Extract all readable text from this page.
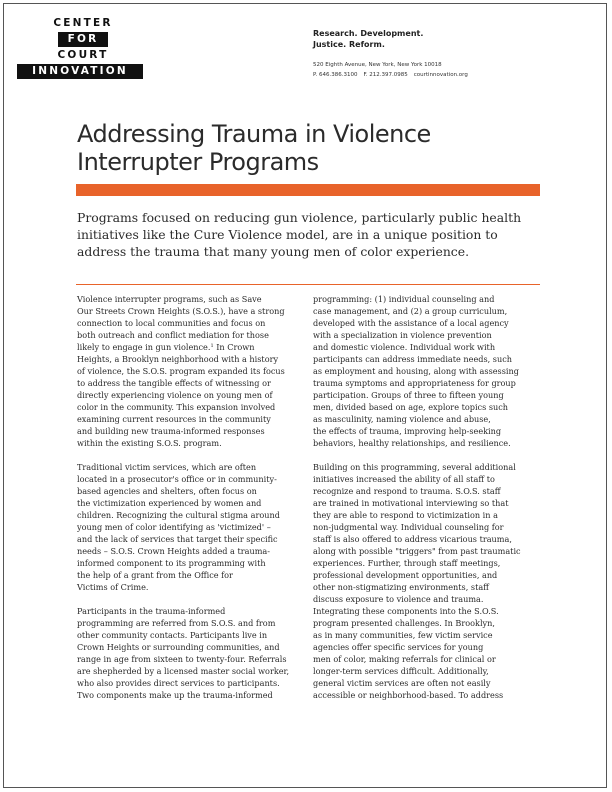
CENTER
FOR
COURT
INNOVATION
Research. Development.
Justice. Reform.
520 Eighth Avenue, New York, New York 10018
P. 646.386.3100 F. 212.397.0985 courtinnovation.org
Addressing Trauma in Violence
Interrupter Programs

Programs focused on reducing gun violence, particularly public health
initiatives like the Cure Violence model, are in a unique position to
address the trauma that many young men of color experience.

Violence interrupter programs, such as Save
Our Streets Crown Heights (S.O.S.), have a strong
connection to local communities and focus on
both outreach and conflict mediation for those
likely to engage in gun violence.$^1$ In Crown
Heights, a Brooklyn neighborhood with a history
of violence, the S.O.S. program expanded its focus
to address the tangible effects of witnessing or
directly experiencing violence on young men of
color in the community. This expansion involved
examining current resources in the community
and building new trauma-informed responses
within the existing S.O.S. program.
Traditional victim services, which are often
located in a prosecutor's office or in community-
based agencies and shelters, often focus on
the victimization experienced by women and
children. Recognizing the cultural stigma around
young men of color identifying as 'victimized' –
and the lack of services that target their specific
needs – S.O.S. Crown Heights added a trauma-
informed component to its programming with
the help of a grant from the Office for
Victims of Crime.
Participants in the trauma-informed
programming are referred from S.O.S. and from
other community contacts. Participants live in
Crown Heights or surrounding communities, and
range in age from sixteen to twenty-four. Referrals
are shepherded by a licensed master social worker,
who also provides direct services to participants.
Two components make up the trauma-informed
programming: (1) individual counseling and
case management, and (2) a group curriculum,
developed with the assistance of a local agency
with a specialization in violence prevention
and domestic violence. Individual work with
participants can address immediate needs, such
as employment and housing, along with assessing
trauma symptoms and appropriateness for group
participation. Groups of three to fifteen young
men, divided based on age, explore topics such
as masculinity, naming violence and abuse,
the effects of trauma, improving help-seeking
behaviors, healthy relationships, and resilience.
Building on this programming, several additional
initiatives increased the ability of all staff to
recognize and respond to trauma. S.O.S. staff
are trained in motivational interviewing so that
they are able to respond to victimization in a
non-judgmental way. Individual counseling for
staff is also offered to address vicarious trauma,
along with possible "triggers" from past traumatic
experiences. Further, through staff meetings,
professional development opportunities, and
other non-stigmatizing environments, staff
discuss exposure to violence and trauma.
Integrating these components into the S.O.S.
program presented challenges. In Brooklyn,
as in many communities, few victim service
agencies offer specific services for young
men of color, making referrals for clinical or
longer-term services difficult. Additionally,
general victim services are often not easily
accessible or neighborhood-based. To address
